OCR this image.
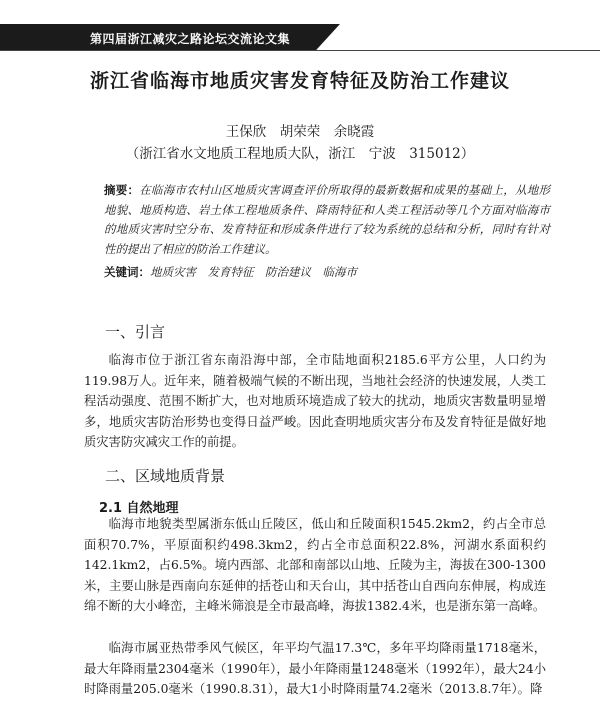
第四届浙江减灾之路论坛交流论文集
浙江省临海市地质灾害发育特征及防治工作建议
王保欣　胡荣荣　余晓霞
（浙江省水文地质工程地质大队，浙江　宁波　315012）
摘要：在临海市农村山区地质灾害调查评价所取得的最新数据和成果的基础上，从地形地貌、地质构造、岩土体工程地质条件、降雨特征和人类工程活动等几个方面对临海市的地质灾害时空分布、发育特征和形成条件进行了较为系统的总结和分析，同时有针对性的提出了相应的防治工作建议。
关键词：地质灾害　发育特征　防治建议　临海市
一、引言
临海市位于浙江省东南沿海中部，全市陆地面积2185.6平方公里，人口约为119.98万人。近年来，随着极端气候的不断出现，当地社会经济的快速发展，人类工程活动强度、范围不断扩大，也对地质环境造成了较大的扰动，地质灾害数量明显增多，地质灾害防治形势也变得日益严峻。因此查明地质灾害分布及发育特征是做好地质灾害防灾减灾工作的前提。
二、区域地质背景
2.1 自然地理
临海市地貌类型属浙东低山丘陵区，低山和丘陵面积1545.2km2，约占全市总面积70.7%，平原面积约498.3km2，约占全市总面积22.8%，河湖水系面积约142.1km2，占6.5%。境内西部、北部和南部以山地、丘陵为主，海拔在300-1300米，主要山脉是西南向东延伸的括苍山和天台山，其中括苍山自西向东伸展，构成连绵不断的大小峰峦，主峰米筛浪是全市最高峰，海拔1382.4米，也是浙东第一高峰。
临海市属亚热带季风气候区，年平均气温17.3℃，多年平均降雨量1718毫米，最大年降雨量2304毫米（1990年），最小年降雨量1248毫米（1992年），最大24小时降雨量205.0毫米（1990.8.31），最大1小时降雨量74.2毫米（2013.8.7年）。降
